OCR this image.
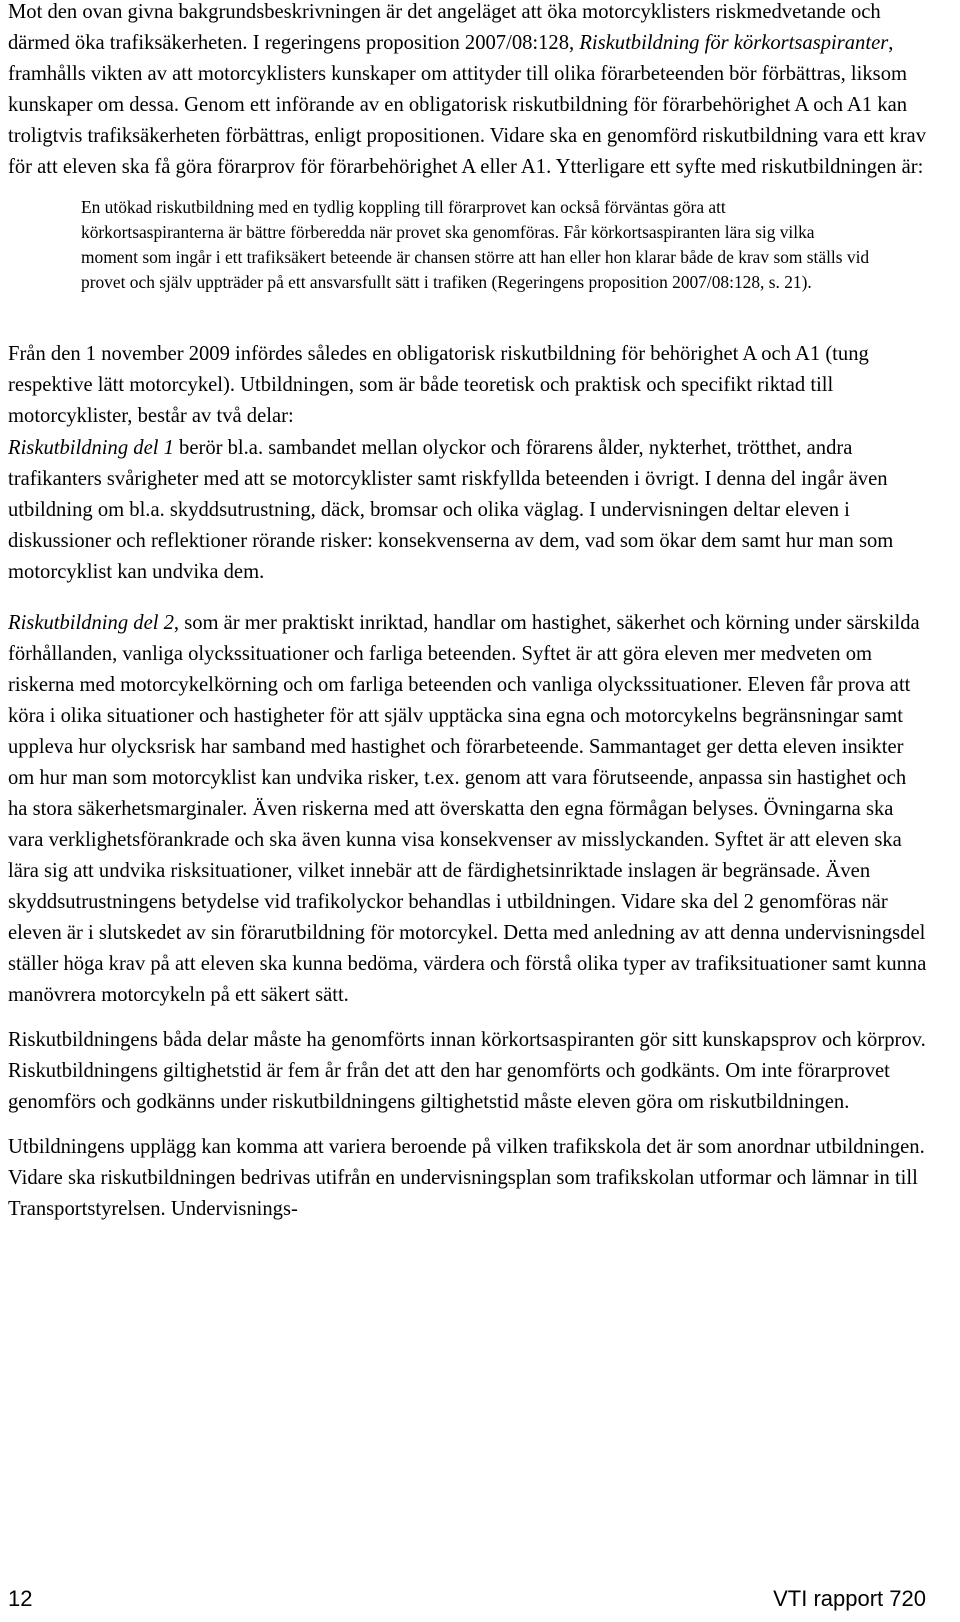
Mot den ovan givna bakgrundsbeskrivningen är det angeläget att öka motorcyklisters riskmedvetande och därmed öka trafiksäkerheten. I regeringens proposition 2007/08:128, Riskutbildning för körkortsaspiranter, framhålls vikten av att motorcyklisters kunskaper om attityder till olika förarbeteenden bör förbättras, liksom kunskaper om dessa. Genom ett införande av en obligatorisk riskutbildning för förarbehörighet A och A1 kan troligtvis trafiksäkerheten förbättras, enligt propositionen. Vidare ska en genomförd riskutbildning vara ett krav för att eleven ska få göra förarprov för förarbehörighet A eller A1. Ytterligare ett syfte med riskutbildningen är:

En utökad riskutbildning med en tydlig koppling till förarprovet kan också förväntas göra att körkortsaspiranterna är bättre förberedda när provet ska genomföras. Får körkortsaspiranten lära sig vilka moment som ingår i ett trafiksäkert beteende är chansen större att han eller hon klarar både de krav som ställs vid provet och själv uppträder på ett ansvarsfullt sätt i trafiken (Regeringens proposition 2007/08:128, s. 21).

Från den 1 november 2009 infördes således en obligatorisk riskutbildning för behörighet A och A1 (tung respektive lätt motorcykel). Utbildningen, som är både teoretisk och praktisk och specifikt riktad till motorcyklister, består av två delar:

Riskutbildning del 1 berör bl.a. sambandet mellan olyckor och förarens ålder, nykterhet, trötthet, andra trafikanters svårigheter med att se motorcyklister samt riskfyllda beteenden i övrigt. I denna del ingår även utbildning om bl.a. skyddsutrustning, däck, bromsar och olika väglag. I undervisningen deltar eleven i diskussioner och reflektioner rörande risker: konsekvenserna av dem, vad som ökar dem samt hur man som motorcyklist kan undvika dem.

Riskutbildning del 2, som är mer praktiskt inriktad, handlar om hastighet, säkerhet och körning under särskilda förhållanden, vanliga olyckssituationer och farliga beteenden. Syftet är att göra eleven mer medveten om riskerna med motorcykelkörning och om farliga beteenden och vanliga olyckssituationer. Eleven får prova att köra i olika situationer och hastigheter för att själv upptäcka sina egna och motorcykelns begränsningar samt uppleva hur olycksrisk har samband med hastighet och förarbeteende. Sammantaget ger detta eleven insikter om hur man som motorcyklist kan undvika risker, t.ex. genom att vara förutseende, anpassa sin hastighet och ha stora säkerhetsmarginaler. Även riskerna med att överskatta den egna förmågan belyses. Övningarna ska vara verklighetsförankrade och ska även kunna visa konsekvenser av misslyckanden. Syftet är att eleven ska lära sig att undvika risksituationer, vilket innebär att de färdighetsinriktade inslagen är begränsade. Även skyddsutrustningens betydelse vid trafikolyckor behandlas i utbildningen. Vidare ska del 2 genomföras när eleven är i slutskedet av sin förarutbildning för motorcykel. Detta med anledning av att denna undervisningsdel ställer höga krav på att eleven ska kunna bedöma, värdera och förstå olika typer av trafiksituationer samt kunna manövrera motorcykeln på ett säkert sätt.

Riskutbildningens båda delar måste ha genomförts innan körkortsaspiranten gör sitt kunskapsprov och körprov. Riskutbildningens giltighetstid är fem år från det att den har genomförts och godkänts. Om inte förarprovet genomförs och godkänns under riskutbildningens giltighetstid måste eleven göra om riskutbildningen.

Utbildningens upplägg kan komma att variera beroende på vilken trafikskola det är som anordnar utbildningen. Vidare ska riskutbildningen bedrivas utifrån en undervisningsplan som trafikskolan utformar och lämnar in till Transportstyrelsen. Undervisnings-

12	VTI rapport 720
